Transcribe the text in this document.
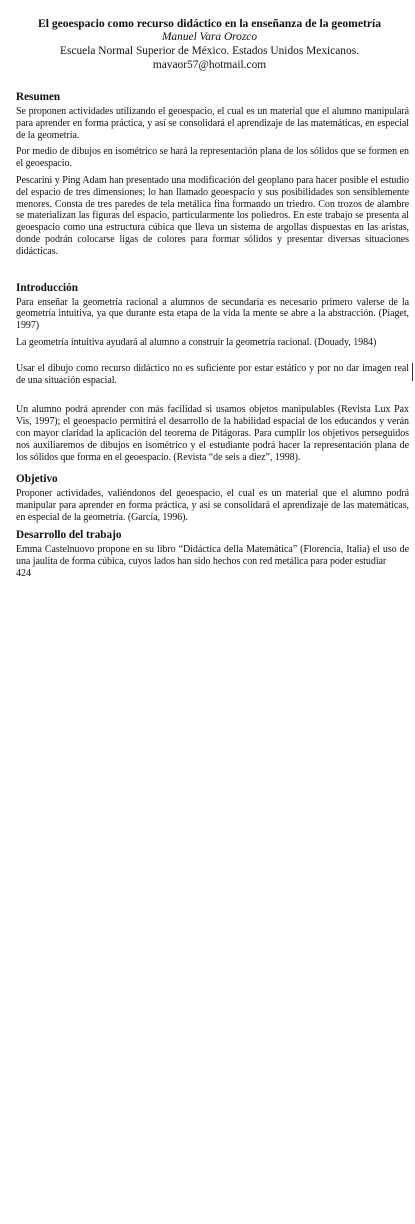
El geoespacio como recurso didáctico en la enseñanza de la geometría
Manuel Vara Orozco
Escuela Normal Superior de México. Estados Unidos Mexicanos.
mavaor57@hotmail.com
Resumen

Se proponen actividades utilizando el geoespacio, el cual es un material que el alumno manipulará para aprender en forma práctica, y así se consolidará el aprendizaje de las matemáticas, en especial de la geometría.

Por medio de dibujos en isométrico se hará la representación plana de los sólidos que se formen en el geoespacio.

Pescarini y Ping Adam han presentado una modificación del geoplano para hacer posible el estudio del espacio de tres dimensiones; lo han llamado geoespacio y sus posibilidades son sensiblemente menores. Consta de tres paredes de tela metálica fina formando un triedro. Con trozos de alambre se materializan las figuras del espacio, particularmente los poliedros. En este trabajo se presenta al geoespacio como una estructura cúbica que lleva un sistema de argollas dispuestas en las aristas, donde podrán colocarse ligas de colores para formar sólidos y presentar diversas situaciones didácticas.

Introducción

Para enseñar la geometría racional a alumnos de secundaria es necesario primero valerse de la geometría intuitiva, ya que durante esta etapa de la vida la mente se abre a la abstracción. (Piaget, 1997)

La geometría intuitiva ayudará al alumno a construir la geometría racional. (Douady, 1984)

Usar el dibujo como recurso didáctico no es suficiente por estar estático y por no dar imagen real de una situación espacial.

Un alumno podrá aprender con más facilidad si usamos objetos manipulables (Revista Lux Pax Vis, 1997); el geoespacio permitirá el desarrollo de la habilidad espacial de los educandos y verán con mayor claridad la aplicación del teorema de Pitágoras. Para cumplir los objetivos perseguidos nos auxiliaremos de dibujos en isométrico y el estudiante podrá hacer la representación plana de los sólidos que forma en el geoespacio. (Revista “de seis a diez”, 1998).

Objetivo

Proponer actividades, valiéndonos del geoespacio, el cual es un material que el alumno podrá manipular para aprender en forma práctica, y así se consolidará el aprendizaje de las matemáticas, en especial de la geometría. (García, 1996).

Desarrollo del trabajo

Emma Castelnuovo propone en su libro “Didáctica della Matemática” (Florencia, Italia) el uso de una jaulita de forma cúbica, cuyos lados han sido hechos con red metálica para poder estudiar

424
